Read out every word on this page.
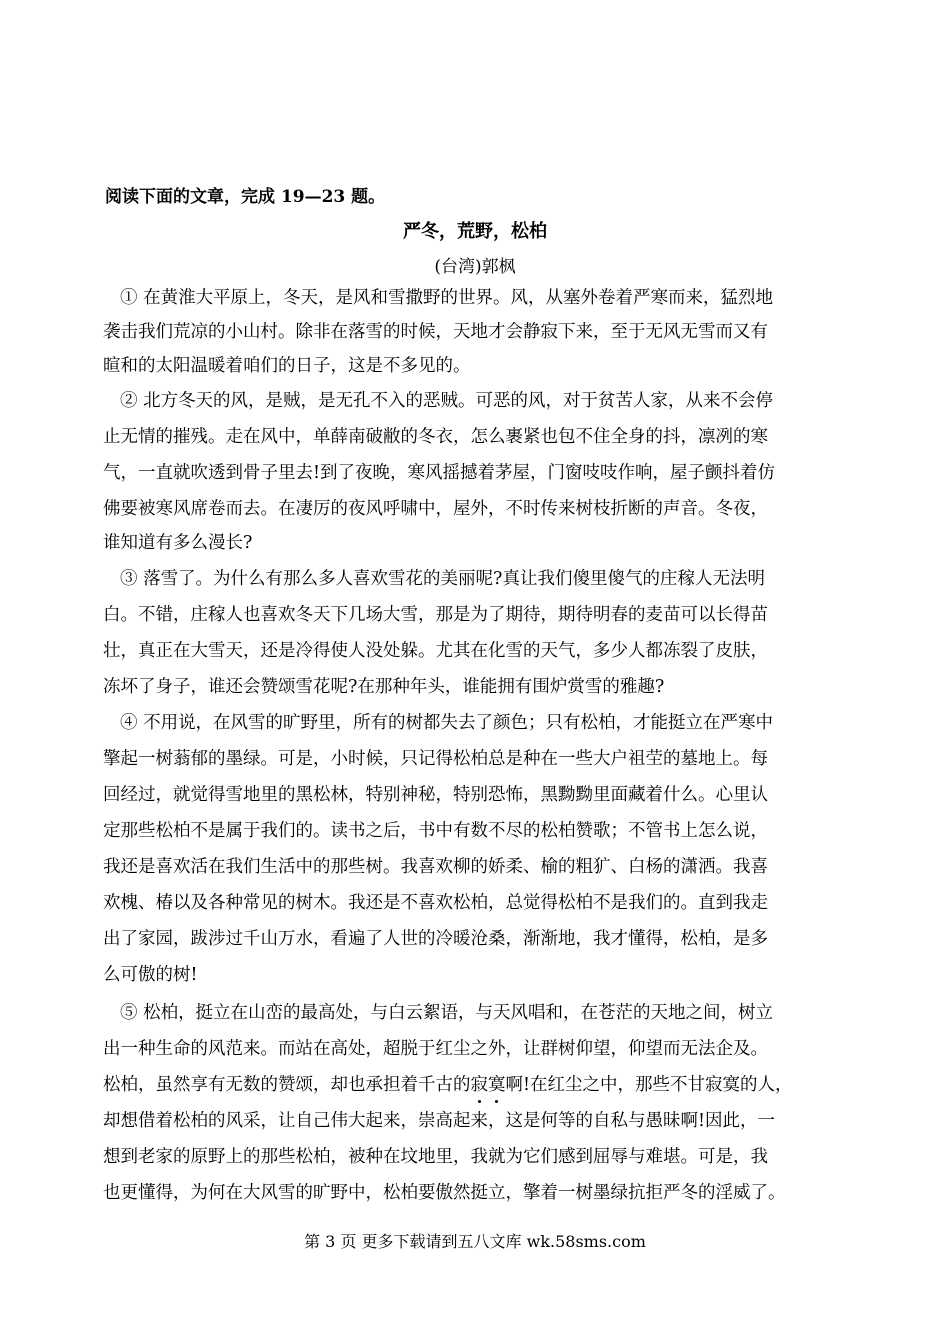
阅读下面的文章，完成 19—23 题。
严冬，荒野，松柏
(台湾)郭枫
① 在黄淮大平原上，冬天，是风和雪撒野的世界。风，从塞外卷着严寒而来，猛烈地
袭击我们荒凉的小山村。除非在落雪的时候，天地才会静寂下来，至于无风无雪而又有
暄和的太阳温暖着咱们的日子，这是不多见的。
② 北方冬天的风，是贼，是无孔不入的恶贼。可恶的风，对于贫苦人家，从来不会停
止无情的摧残。走在风中，单薛南破敝的冬衣，怎么裹紧也包不住全身的抖，凛冽的寒
气，一直就吹透到骨子里去!到了夜晚，寒风摇撼着茅屋，门窗吱吱作响，屋子颤抖着仿
佛要被寒风席卷而去。在凄厉的夜风呼啸中，屋外，不时传来树枝折断的声音。冬夜，
谁知道有多么漫长?
③ 落雪了。为什么有那么多人喜欢雪花的美丽呢?真让我们傻里傻气的庄稼人无法明
白。不错，庄稼人也喜欢冬天下几场大雪，那是为了期待，期待明春的麦苗可以长得苗
壮，真正在大雪天，还是冷得使人没处躲。尤其在化雪的天气，多少人都冻裂了皮肤，
冻坏了身子，谁还会赞颂雪花呢?在那种年头，谁能拥有围炉赏雪的雅趣?
④ 不用说，在风雪的旷野里，所有的树都失去了颜色；只有松柏，才能挺立在严寒中
擎起一树蓊郁的墨绿。可是，小时候，只记得松柏总是种在一些大户祖茔的墓地上。每
回经过，就觉得雪地里的黑松林，特别神秘，特别恐怖，黑黝黝里面藏着什么。心里认
定那些松柏不是属于我们的。读书之后，书中有数不尽的松柏赞歌；不管书上怎么说，
我还是喜欢活在我们生活中的那些树。我喜欢柳的娇柔、榆的粗犷、白杨的潇洒。我喜
欢槐、椿以及各种常见的树木。我还是不喜欢松柏，总觉得松柏不是我们的。直到我走
出了家园，跋涉过千山万水，看遍了人世的冷暖沧桑，渐渐地，我才懂得，松柏，是多
么可傲的树!
⑤ 松柏，挺立在山峦的最高处，与白云絮语，与天风唱和，在苍茫的天地之间，树立
出一种生命的风范来。而站在高处，超脱于红尘之外，让群树仰望，仰望而无法企及。
松柏，虽然享有无数的赞颂，却也承担着千古的寂寞啊!在红尘之中，那些不甘寂寞的人，
却想借着松柏的风采，让自己伟大起来，崇高起来，这是何等的自私与愚昧啊!因此，一
想到老家的原野上的那些松柏，被种在坟地里，我就为它们感到屈辱与难堪。可是，我
也更懂得，为何在大风雪的旷野中，松柏要傲然挺立，擎着一树墨绿抗拒严冬的淫威了。
第 3 页 更多下载请到五八文库 wk.58sms.com
